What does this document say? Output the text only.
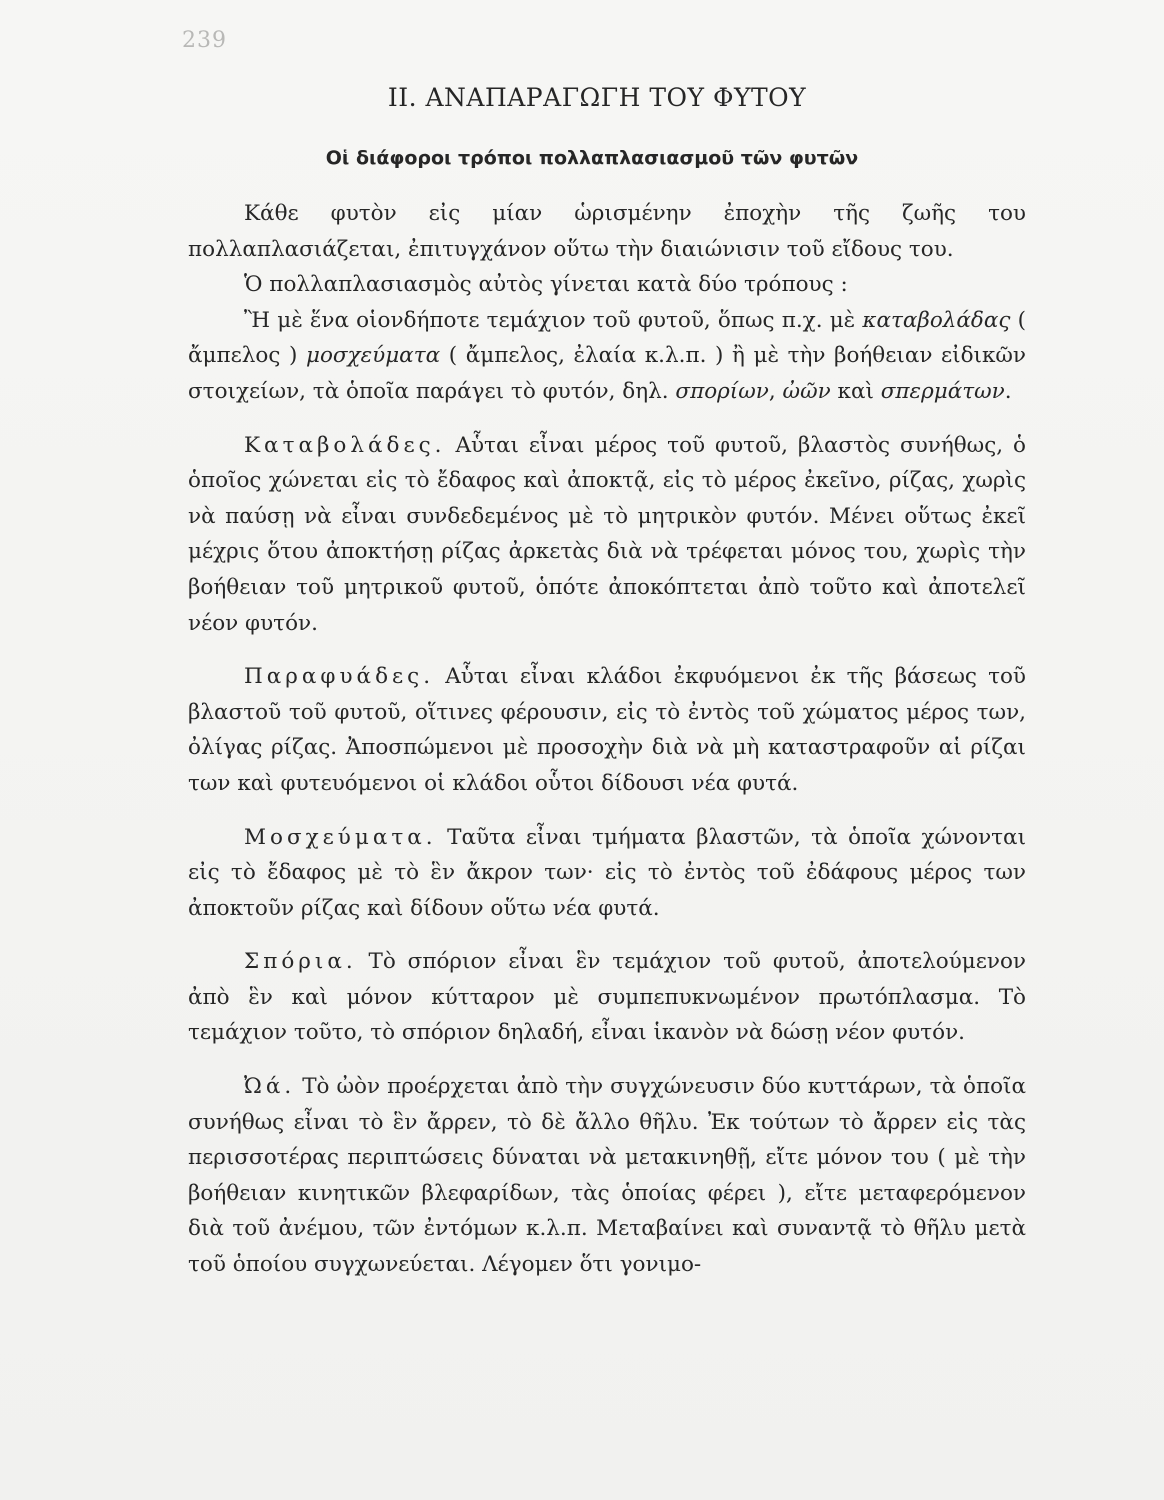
239
II. ΑΝΑΠΑΡΑΓΩΓΗ ΤΟΥ ΦΥΤΟΥ
Οἱ διάφοροι τρόποι πολλαπλασιασμοῦ τῶν φυτῶν

Κάθε φυτὸν εἰς μίαν ὡρισμένην ἐποχὴν τῆς ζωῆς του πολλαπλασιάζεται, ἐπιτυγχάνον οὕτω τὴν διαιώνισιν τοῦ εἴδους του.

Ὁ πολλαπλασιασμὸς αὐτὸς γίνεται κατὰ δύο τρόπους :

Ἢ μὲ ἕνα οἱονδήποτε τεμάχιον τοῦ φυτοῦ, ὅπως π.χ. μὲ καταβολάδας ( ἄμπελος ) μοσχεύματα ( ἄμπελος, ἐλαία κ.λ.π. ) ἢ μὲ τὴν βοήθειαν εἰδικῶν στοιχείων, τὰ ὁποῖα παράγει τὸ φυτόν, δηλ. σπορίων, ὠῶν καὶ σπερμάτων.

Καταβολάδες. Αὗται εἶναι μέρος τοῦ φυτοῦ, βλαστὸς συνήθως, ὁ ὁποῖος χώνεται εἰς τὸ ἔδαφος καὶ ἀποκτᾷ, εἰς τὸ μέρος ἐκεῖνο, ρίζας, χωρὶς νὰ παύσῃ νὰ εἶναι συνδεδεμένος μὲ τὸ μητρικὸν φυτόν. Μένει οὕτως ἐκεῖ μέχρις ὅτου ἀποκτήσῃ ρίζας ἀρκετὰς διὰ νὰ τρέφεται μόνος του, χωρὶς τὴν βοήθειαν τοῦ μητρικοῦ φυτοῦ, ὁπότε ἀποκόπτεται ἀπὸ τοῦτο καὶ ἀποτελεῖ νέον φυτόν.

Παραφυάδες. Αὗται εἶναι κλάδοι ἐκφυόμενοι ἐκ τῆς βάσεως τοῦ βλαστοῦ τοῦ φυτοῦ, οἵτινες φέρουσιν, εἰς τὸ ἐντὸς τοῦ χώματος μέρος των, ὀλίγας ρίζας. Ἀποσπώμενοι μὲ προσοχὴν διὰ νὰ μὴ καταστραφοῦν αἱ ρίζαι των καὶ φυτευόμενοι οἱ κλάδοι οὗτοι δίδουσι νέα φυτά.

Μοσχεύματα. Ταῦτα εἶναι τμήματα βλαστῶν, τὰ ὁποῖα χώνονται εἰς τὸ ἔδαφος μὲ τὸ ἓν ἄκρον των· εἰς τὸ ἐντὸς τοῦ ἐδάφους μέρος των ἀποκτοῦν ρίζας καὶ δίδουν οὕτω νέα φυτά.

Σπόρια. Τὸ σπόριον εἶναι ἓν τεμάχιον τοῦ φυτοῦ, ἀποτελούμενον ἀπὸ ἓν καὶ μόνον κύτταρον μὲ συμπεπυκνωμένον πρωτόπλασμα. Τὸ τεμάχιον τοῦτο, τὸ σπόριον δηλαδή, εἶναι ἱκανὸν νὰ δώσῃ νέον φυτόν.

Ὠά. Τὸ ὠὸν προέρχεται ἀπὸ τὴν συγχώνευσιν δύο κυττάρων, τὰ ὁποῖα συνήθως εἶναι τὸ ἓν ἄρρεν, τὸ δὲ ἄλλο θῆλυ. Ἐκ τούτων τὸ ἄρρεν εἰς τὰς περισσοτέρας περιπτώσεις δύναται νὰ μετακινηθῇ, εἴτε μόνον του ( μὲ τὴν βοήθειαν κινητικῶν βλεφαρίδων, τὰς ὁποίας φέρει ), εἴτε μεταφερόμενον διὰ τοῦ ἀνέμου, τῶν ἐντόμων κ.λ.π. Μεταβαίνει καὶ συναντᾷ τὸ θῆλυ μετὰ τοῦ ὁποίου συγχωνεύεται. Λέγομεν ὅτι γονιμο-
